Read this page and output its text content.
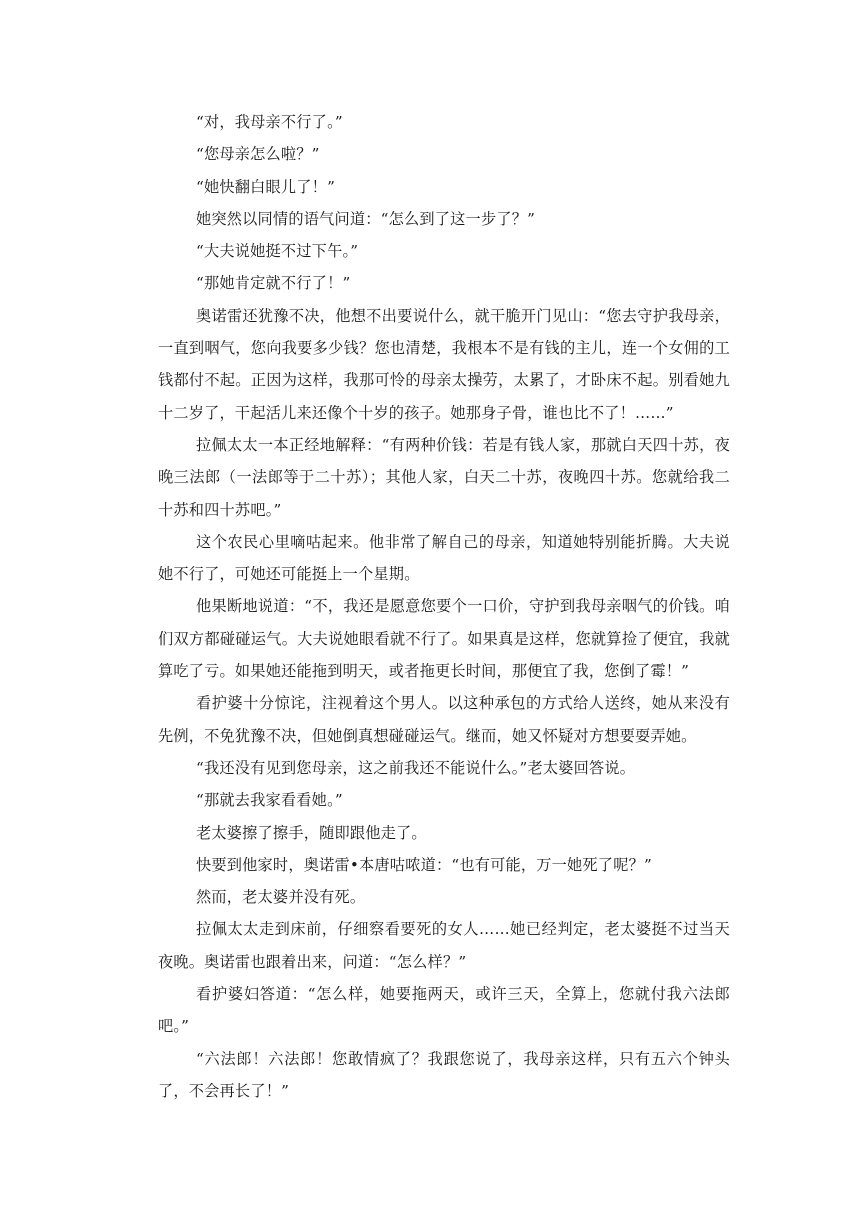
“对，我母亲不行了。”

“您母亲怎么啦？”

“她快翻白眼儿了！”

她突然以同情的语气问道：“怎么到了这一步了？”

“大夫说她挺不过下午。”

“那她肯定就不行了！”

奥诺雷还犹豫不决，他想不出要说什么，就干脆开门见山：“您去守护我母亲，一直到咽气，您向我要多少钱？您也清楚，我根本不是有钱的主儿，连一个女佣的工钱都付不起。正因为这样，我那可怜的母亲太操劳，太累了，才卧床不起。别看她九十二岁了，干起活儿来还像个十岁的孩子。她那身子骨，谁也比不了！……”

拉佩太太一本正经地解释：“有两种价钱：若是有钱人家，那就白天四十苏，夜晚三法郎（一法郎等于二十苏）；其他人家，白天二十苏，夜晚四十苏。您就给我二十苏和四十苏吧。”

这个农民心里嘀咕起来。他非常了解自己的母亲，知道她特别能折腾。大夫说她不行了，可她还可能挺上一个星期。

他果断地说道：“不，我还是愿意您要个一口价，守护到我母亲咽气的价钱。咱们双方都碰碰运气。大夫说她眼看就不行了。如果真是这样，您就算捡了便宜，我就算吃了亏。如果她还能拖到明天，或者拖更长时间，那便宜了我，您倒了霉！”

看护婆十分惊诧，注视着这个男人。以这种承包的方式给人送终，她从来没有先例，不免犹豫不决，但她倒真想碰碰运气。继而，她又怀疑对方想要耍弄她。

“我还没有见到您母亲，这之前我还不能说什么。”老太婆回答说。

“那就去我家看看她。”

老太婆擦了擦手，随即跟他走了。

快要到他家时，奥诺雷•本唐咕哝道：“也有可能，万一她死了呢？”

然而，老太婆并没有死。

拉佩太太走到床前，仔细察看要死的女人……她已经判定，老太婆挺不过当天夜晚。奥诺雷也跟着出来，问道：“怎么样？”

看护婆妇答道：“怎么样，她要拖两天，或许三天，全算上，您就付我六法郎吧。”

“六法郎！六法郎！您敢情疯了？我跟您说了，我母亲这样，只有五六个钟头了，不会再长了！”
